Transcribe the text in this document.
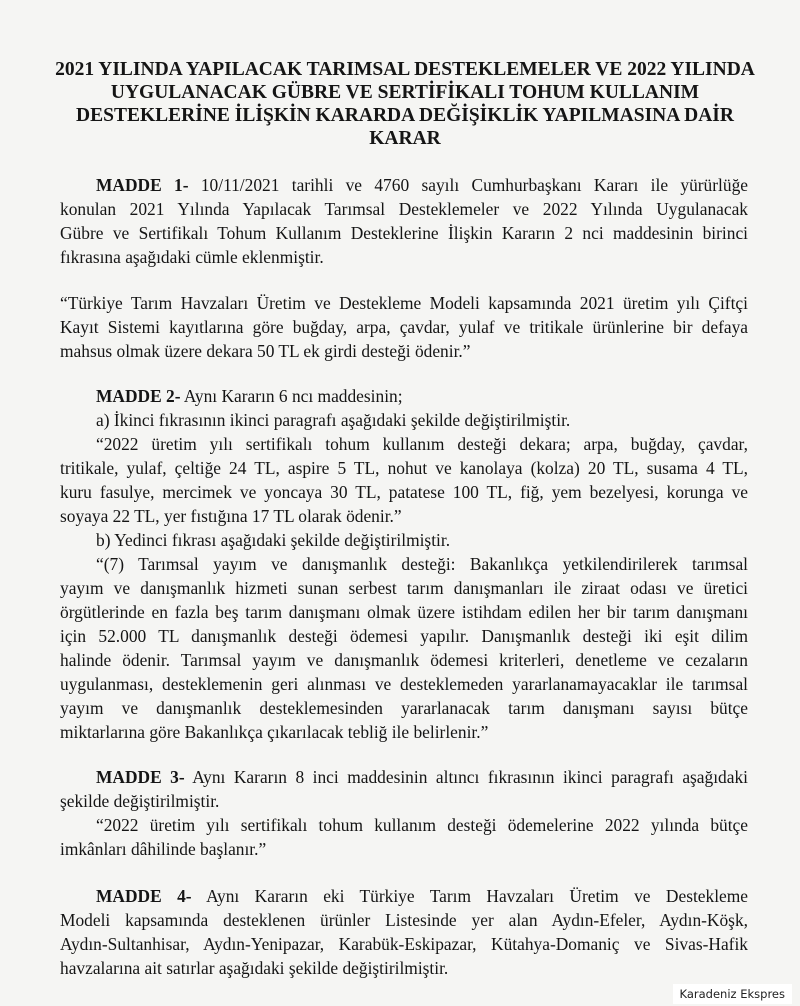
2021 YILINDA YAPILACAK TARIMSAL DESTEKLEMELER VE 2022 YILINDA
UYGULANACAK GÜBRE VE SERTİFİKALI TOHUM KULLANIM
DESTEKLERİNE İLİŞKİN KARARDA DEĞİŞİKLİK YAPILMASINA DAİR
KARAR
MADDE 1- 10/11/2021 tarihli ve 4760 sayılı Cumhurbaşkanı Kararı ile yürürlüğe
konulan 2021 Yılında Yapılacak Tarımsal Desteklemeler ve 2022 Yılında Uygulanacak
Gübre ve Sertifikalı Tohum Kullanım Desteklerine İlişkin Kararın 2 nci maddesinin birinci
fıkrasına aşağıdaki cümle eklenmiştir.
“Türkiye Tarım Havzaları Üretim ve Destekleme Modeli kapsamında 2021 üretim yılı Çiftçi
Kayıt Sistemi kayıtlarına göre buğday, arpa, çavdar, yulaf ve tritikale ürünlerine bir defaya
mahsus olmak üzere dekara 50 TL ek girdi desteği ödenir.”
MADDE 2- Aynı Kararın 6 ncı maddesinin;
a) İkinci fıkrasının ikinci paragrafı aşağıdaki şekilde değiştirilmiştir.
“2022 üretim yılı sertifikalı tohum kullanım desteği dekara; arpa, buğday, çavdar,
tritikale, yulaf, çeltiğe 24 TL, aspire 5 TL, nohut ve kanolaya (kolza) 20 TL, susama 4 TL,
kuru fasulye, mercimek ve yoncaya 30 TL, patatese 100 TL, fiğ, yem bezelyesi, korunga ve
soyaya 22 TL, yer fıstığına 17 TL olarak ödenir.”
b) Yedinci fıkrası aşağıdaki şekilde değiştirilmiştir.
“(7) Tarımsal yayım ve danışmanlık desteği: Bakanlıkça yetkilendirilerek tarımsal
yayım ve danışmanlık hizmeti sunan serbest tarım danışmanları ile ziraat odası ve üretici
örgütlerinde en fazla beş tarım danışmanı olmak üzere istihdam edilen her bir tarım danışmanı
için 52.000 TL danışmanlık desteği ödemesi yapılır. Danışmanlık desteği iki eşit dilim
halinde ödenir. Tarımsal yayım ve danışmanlık ödemesi kriterleri, denetleme ve cezaların
uygulanması, desteklemenin geri alınması ve desteklemeden yararlanamayacaklar ile tarımsal
yayım ve danışmanlık desteklemesinden yararlanacak tarım danışmanı sayısı bütçe
miktarlarına göre Bakanlıkça çıkarılacak tebliğ ile belirlenir.”
MADDE 3- Aynı Kararın 8 inci maddesinin altıncı fıkrasının ikinci paragrafı aşağıdaki
şekilde değiştirilmiştir.
“2022 üretim yılı sertifikalı tohum kullanım desteği ödemelerine 2022 yılında bütçe
imkânları dâhilinde başlanır.”
MADDE 4- Aynı Kararın eki Türkiye Tarım Havzaları Üretim ve Destekleme
Modeli kapsamında desteklenen ürünler Listesinde yer alan Aydın-Efeler, Aydın-Köşk,
Aydın-Sultanhisar, Aydın-Yenipazar, Karabük-Eskipazar, Kütahya-Domaniç ve Sivas-Hafik
havzalarına ait satırlar aşağıdaki şekilde değiştirilmiştir.
Karadeniz Ekspres
